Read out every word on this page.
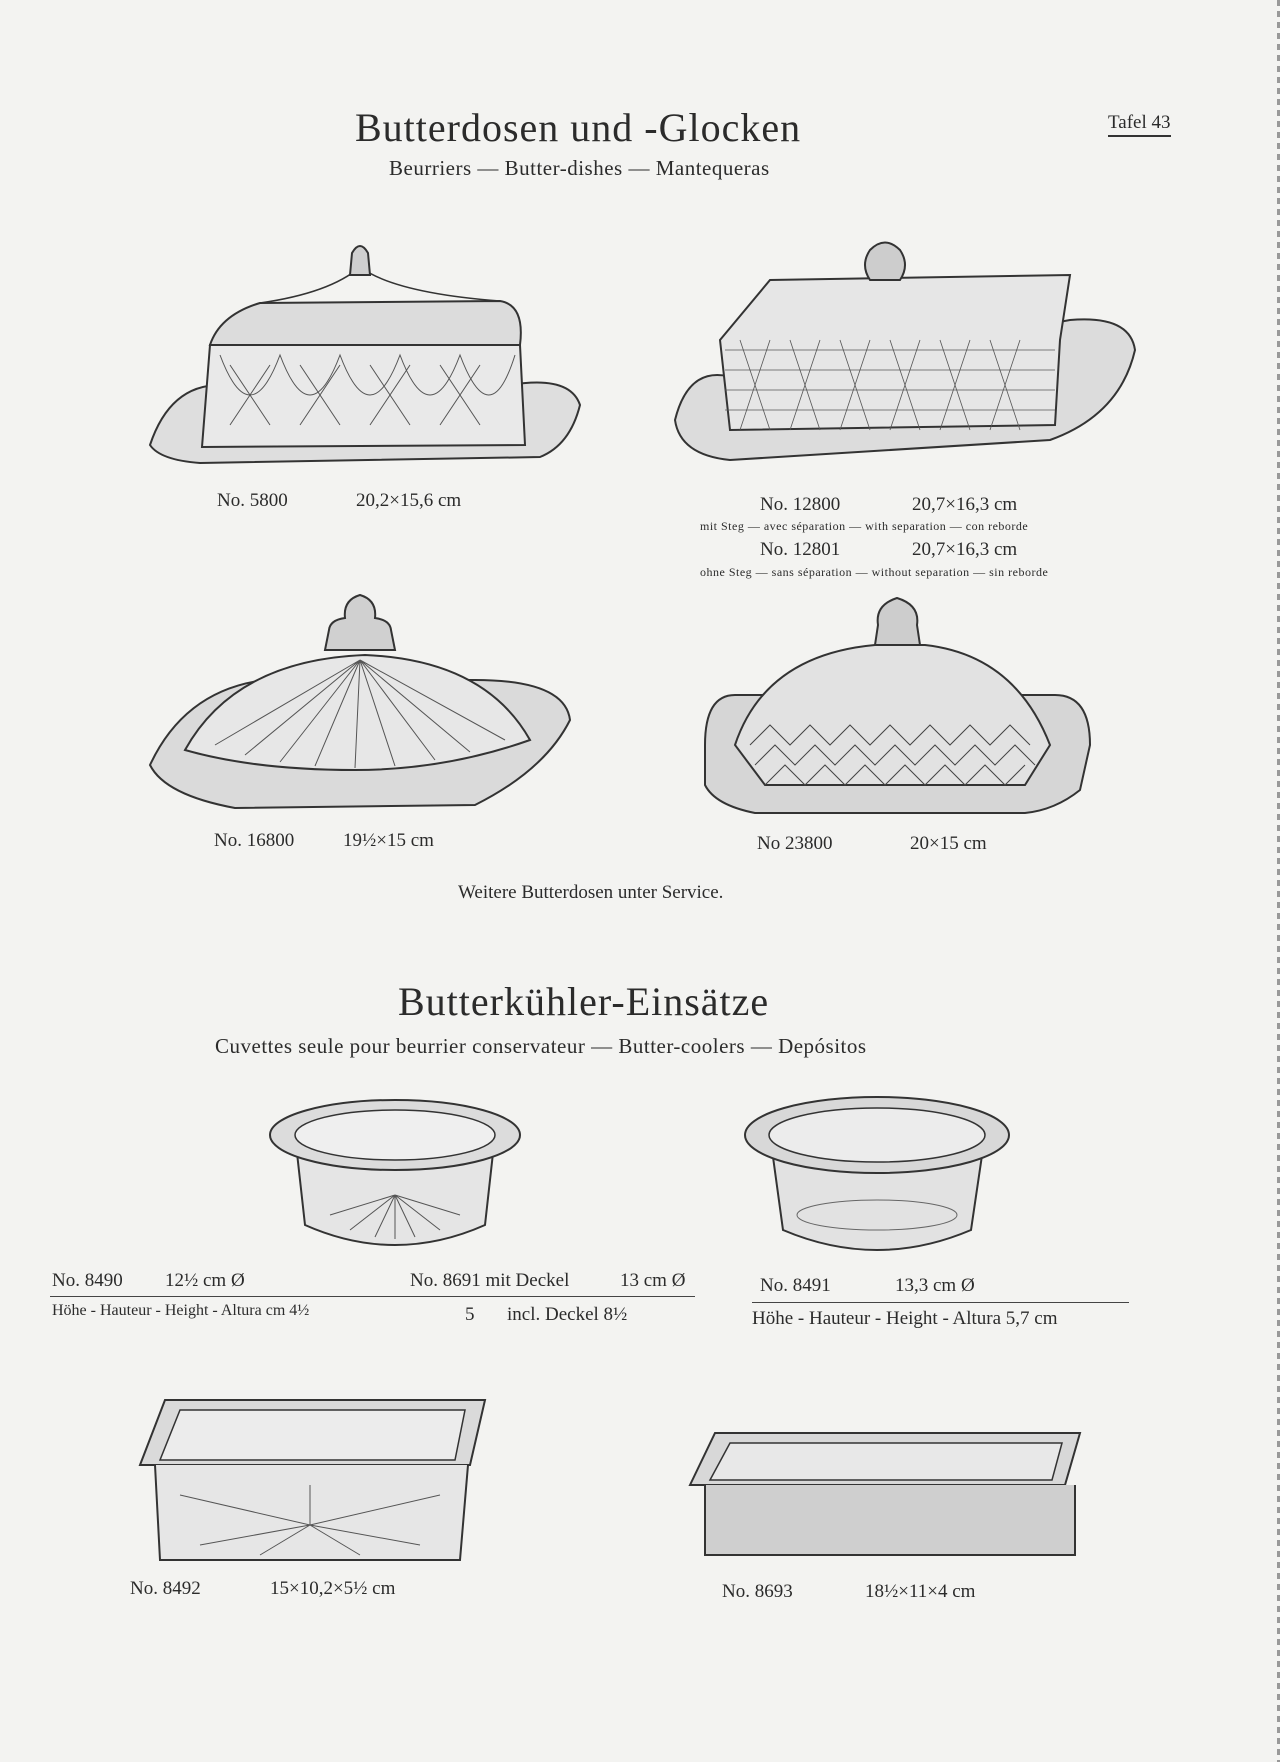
Butterdosen und -Glocken
Beurriers — Butter-dishes — Mantequeras
Tafel 43
No. 5800	20,2×15,6 cm	No. 12800	20,7×16,3 cm
mit Steg — avec séparation — with separation — con reborde
No. 12801	20,7×16,3 cm
ohne Steg — sans séparation — without separation — sin reborde
No. 16800	19½×15 cm	No 23800	20×15 cm
Weitere Butterdosen unter Service.
Butterkühler-Einsätze
Cuvettes seule pour beurrier conservateur — Butter-coolers — Depósitos
No. 8490 12½ cm Ø	No. 8691 mit Deckel	13 cm Ø	No. 8491	13,3 cm Ø
Höhe - Hauteur - Height - Altura cm 4½	5 incl. Deckel 8½	Höhe - Hauteur - Height - Altura 5,7 cm
No. 8492	15×10,2×5½ cm	No. 8693	18½×11×4 cm
